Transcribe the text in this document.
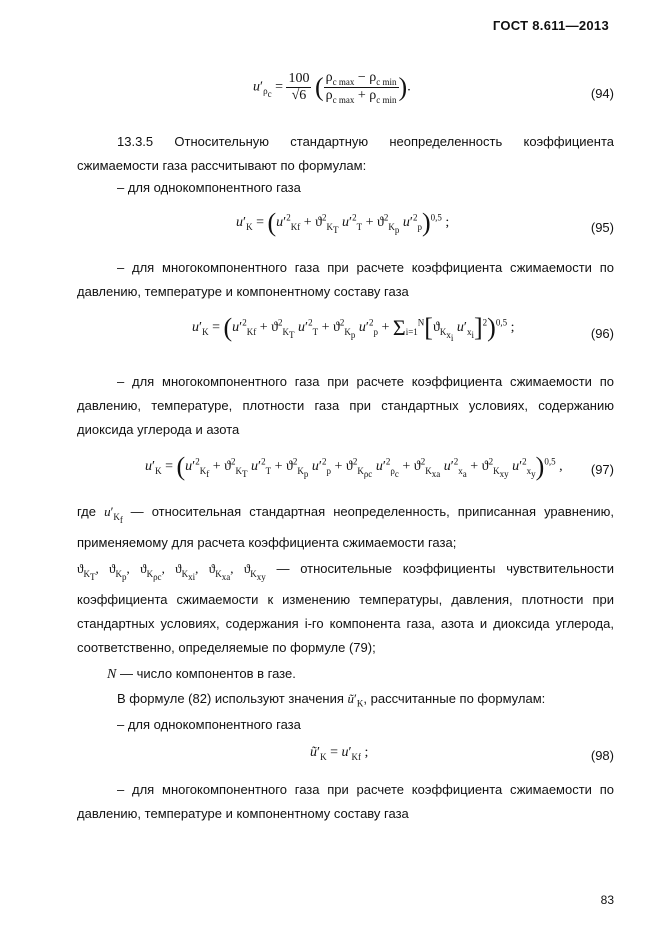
ГОСТ 8.611—2013
$u'_{\rho_c} = \frac{100}{√6}$ ( $\frac{\rho_{c max} - \rho_{c min}}{\rho_{c max} + \rho_{c min}}$ ).	(94)
13.3.5 Относительную стандартную неопределенность коэффициента сжимаемости газа рассчитывают по формулам:
– для однокомпонентного газа
$u'_K = (u'^2_{Kf} + ϑ^2_{K_T}$ $u'^2_T + ϑ^2_{K_p}$ $u'^2_p)^{0,5}$ ;	(95)
– для многокомпонентного газа при расчете коэффициента сжимаемости по давлению, температуре и компонентному составу газа
$u'_K = (u'^2_{Kf} + ϑ^2_{K_T}$ $u'^2_T + ϑ^2_{K_p}$ $u'^2_p + \Sigma_{i=1}^N[ϑ_{K_{x_i}}$ $u'_{x_i}]^2)^{0,5}$ ;	(96)
– для многокомпонентного газа при расчете коэффициента сжимаемости по давлению, температуре, плотности газа при стандартных условиях, содержанию диоксида углерода и азота
$u'_K = (u'^2_{K_f} + ϑ^2_{K_T}$ $u'^2_T + ϑ^2_{K_p}$ $u'^2_p + ϑ^2_{K_{\rho c}}$ $u'^2_{\rho_c} + ϑ^2_{K_{xa}}$ $u'^2_{x_a} + ϑ^2_{K_{xy}}$ $u'^2_{x_y})^{0,5}$ , (97)
где $u'_{K_f}$ — относительная стандартная неопределенность, приписанная уравнению, применяемому для расчета коэффициента сжимаемости газа;
$ϑ_{K_T}$, $ϑ_{K_p}$, $ϑ_{K_{\rho c}}$, $ϑ_{K_{xi}}$, $ϑ_{K_{xa}}$, $ϑ_{K_{xy}}$ — относительные коэффициенты чувствительности коэффициента сжимаемости к изменению температуры, давления, плотности при стандартных условиях, содержания i-го компонента газа, азота и диоксида углерода, соответственно, определяемые по формуле (79);
N — число компонентов в газе.
В формуле (82) используют значения $ũ'_K$, рассчитанные по формулам:
– для однокомпонентного газа
$ũ'_K = u'_{Kf}$ ;	(98)
– для многокомпонентного газа при расчете коэффициента сжимаемости по давлению, температуре и компонентному составу газа
83
